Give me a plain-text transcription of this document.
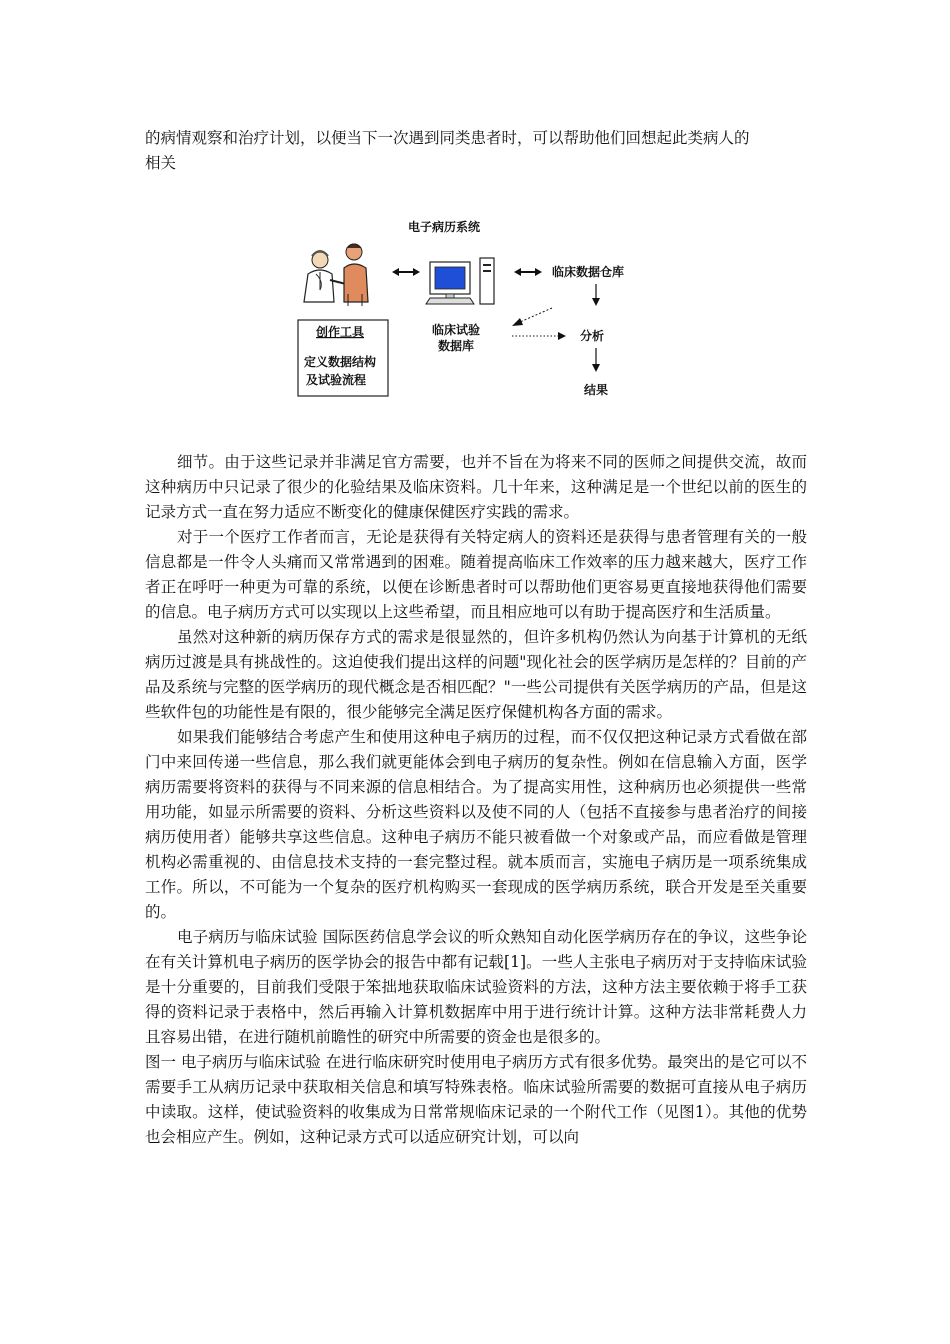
的病情观察和治疗计划，以便当下一次遇到同类患者时，可以帮助他们回想起此类病人的

相关

电子病历系统
临床数据仓库
创作工具
定义数据结构
及试验流程
临床试验
数据库
分析
结果

细节。由于这些记录并非满足官方需要，也并不旨在为将来不同的医师之间提供交流，故而这种病历中只记录了很少的化验结果及临床资料。几十年来，这种满足是一个世纪以前的医生的记录方式一直在努力适应不断变化的健康保健医疗实践的需求。

对于一个医疗工作者而言，无论是获得有关特定病人的资料还是获得与患者管理有关的一般信息都是一件令人头痛而又常常遇到的困难。随着提高临床工作效率的压力越来越大，医疗工作者正在呼吁一种更为可靠的系统，以便在诊断患者时可以帮助他们更容易更直接地获得他们需要的信息。电子病历方式可以实现以上这些希望，而且相应地可以有助于提高医疗和生活质量。

虽然对这种新的病历保存方式的需求是很显然的，但许多机构仍然认为向基于计算机的无纸病历过渡是具有挑战性的。这迫使我们提出这样的问题"现化社会的医学病历是怎样的？目前的产品及系统与完整的医学病历的现代概念是否相匹配？"一些公司提供有关医学病历的产品，但是这些软件包的功能性是有限的，很少能够完全满足医疗保健机构各方面的需求。

如果我们能够结合考虑产生和使用这种电子病历的过程，而不仅仅把这种记录方式看做在部门中来回传递一些信息，那么我们就更能体会到电子病历的复杂性。例如在信息输入方面，医学病历需要将资料的获得与不同来源的信息相结合。为了提高实用性，这种病历也必须提供一些常用功能，如显示所需要的资料、分析这些资料以及使不同的人（包括不直接参与患者治疗的间接病历使用者）能够共享这些信息。这种电子病历不能只被看做一个对象或产品，而应看做是管理机构必需重视的、由信息技术支持的一套完整过程。就本质而言，实施电子病历是一项系统集成工作。所以，不可能为一个复杂的医疗机构购买一套现成的医学病历系统，联合开发是至关重要的。

电子病历与临床试验 国际医药信息学会议的听众熟知自动化医学病历存在的争议，这些争论在有关计算机电子病历的医学协会的报告中都有记载[1]。一些人主张电子病历对于支持临床试验是十分重要的，目前我们受限于笨拙地获取临床试验资料的方法，这种方法主要依赖于将手工获得的资料记录于表格中，然后再输入计算机数据库中用于进行统计计算。这种方法非常耗费人力且容易出错，在进行随机前瞻性的研究中所需要的资金也是很多的。

图一 电子病历与临床试验 在进行临床研究时使用电子病历方式有很多优势。最突出的是它可以不需要手工从病历记录中获取相关信息和填写特殊表格。临床试验所需要的数据可直接从电子病历中读取。这样，使试验资料的收集成为日常常规临床记录的一个附代工作（见图1）。其他的优势也会相应产生。例如，这种记录方式可以适应研究计划，可以向
